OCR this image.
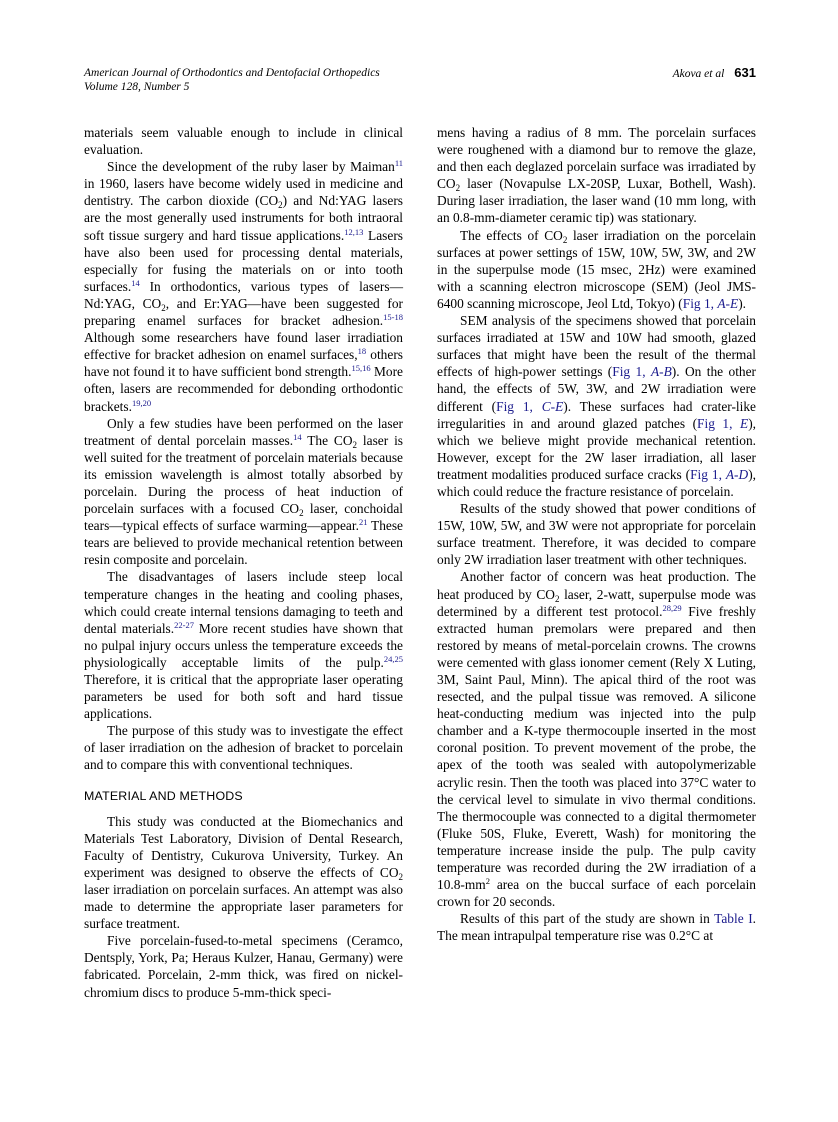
American Journal of Orthodontics and Dentofacial Orthopedics
Volume 128, Number 5
Akova et al 631

materials seem valuable enough to include in clinical evaluation.

Since the development of the ruby laser by Maiman$^{11}$ in 1960, lasers have become widely used in medicine and dentistry. The carbon dioxide $(CO_2)$ and Nd:YAG lasers are the most generally used instruments for both intraoral soft tissue surgery and hard tissue applications.$^{12,13}$ Lasers have also been used for processing dental materials, especially for fusing the materials on or into tooth surfaces.$^{14}$ In orthodontics, various types of lasers—Nd:YAG, $CO_2$, and Er:YAG—have been suggested for preparing enamel surfaces for bracket adhesion.$^{15-18}$ Although some researchers have found laser irradiation effective for bracket adhesion on enamel surfaces,$^{18}$ others have not found it to have sufficient bond strength.$^{15,16}$ More often, lasers are recommended for debonding orthodontic brackets.$^{19,20}$

Only a few studies have been performed on the laser treatment of dental porcelain masses.$^{14}$ The $CO_2$ laser is well suited for the treatment of porcelain materials because its emission wavelength is almost totally absorbed by porcelain. During the process of heat induction of porcelain surfaces with a focused $CO_2$ laser, conchoidal tears—typical effects of surface warming—appear.$^{21}$ These tears are believed to provide mechanical retention between resin composite and porcelain.

The disadvantages of lasers include steep local temperature changes in the heating and cooling phases, which could create internal tensions damaging to teeth and dental materials.$^{22-27}$ More recent studies have shown that no pulpal injury occurs unless the temperature exceeds the physiologically acceptable limits of the pulp.$^{24,25}$ Therefore, it is critical that the appropriate laser operating parameters be used for both soft and hard tissue applications.

The purpose of this study was to investigate the effect of laser irradiation on the adhesion of bracket to porcelain and to compare this with conventional techniques.

MATERIAL AND METHODS

This study was conducted at the Biomechanics and Materials Test Laboratory, Division of Dental Research, Faculty of Dentistry, Cukurova University, Turkey. An experiment was designed to observe the effects of $CO_2$ laser irradiation on porcelain surfaces. An attempt was also made to determine the appropriate laser parameters for surface treatment.

Five porcelain-fused-to-metal specimens (Ceramco, Dentsply, York, Pa; Heraus Kulzer, Hanau, Germany) were fabricated. Porcelain, 2-mm thick, was fired on nickel-chromium discs to produce 5-mm-thick speci-

mens having a radius of 8 mm. The porcelain surfaces were roughened with a diamond bur to remove the glaze, and then each deglazed porcelain surface was irradiated by $CO_2$ laser (Novapulse LX-20SP, Luxar, Bothell, Wash). During laser irradiation, the laser wand (10 mm long, with an 0.8-mm-diameter ceramic tip) was stationary.

The effects of $CO_2$ laser irradiation on the porcelain surfaces at power settings of 15W, 10W, 5W, 3W, and 2W in the superpulse mode (15 msec, 2Hz) were examined with a scanning electron microscope (SEM) (Jeol JMS-6400 scanning microscope, Jeol Ltd, Tokyo) (Fig 1, A-E).

SEM analysis of the specimens showed that porcelain surfaces irradiated at 15W and 10W had smooth, glazed surfaces that might have been the result of the thermal effects of high-power settings (Fig 1, A-B). On the other hand, the effects of 5W, 3W, and 2W irradiation were different (Fig 1, C-E). These surfaces had crater-like irregularities in and around glazed patches (Fig 1, E), which we believe might provide mechanical retention. However, except for the 2W laser irradiation, all laser treatment modalities produced surface cracks (Fig 1, A-D), which could reduce the fracture resistance of porcelain.

Results of the study showed that power conditions of 15W, 10W, 5W, and 3W were not appropriate for porcelain surface treatment. Therefore, it was decided to compare only 2W irradiation laser treatment with other techniques.

Another factor of concern was heat production. The heat produced by $CO_2$ laser, 2-watt, superpulse mode was determined by a different test protocol.$^{28,29}$ Five freshly extracted human premolars were prepared and then restored by means of metal-porcelain crowns. The crowns were cemented with glass ionomer cement (Rely X Luting, 3M, Saint Paul, Minn). The apical third of the root was resected, and the pulpal tissue was removed. A silicone heat-conducting medium was injected into the pulp chamber and a K-type thermocouple inserted in the most coronal position. To prevent movement of the probe, the apex of the tooth was sealed with autopolymerizable acrylic resin. Then the tooth was placed into 37°C water to the cervical level to simulate in vivo thermal conditions. The thermocouple was connected to a digital thermometer (Fluke 50S, Fluke, Everett, Wash) for monitoring the temperature increase inside the pulp. The pulp cavity temperature was recorded during the 2W irradiation of a $10.8-mm^2$ area on the buccal surface of each porcelain crown for 20 seconds.

Results of this part of the study are shown in Table I. The mean intrapulpal temperature rise was 0.2°C at
